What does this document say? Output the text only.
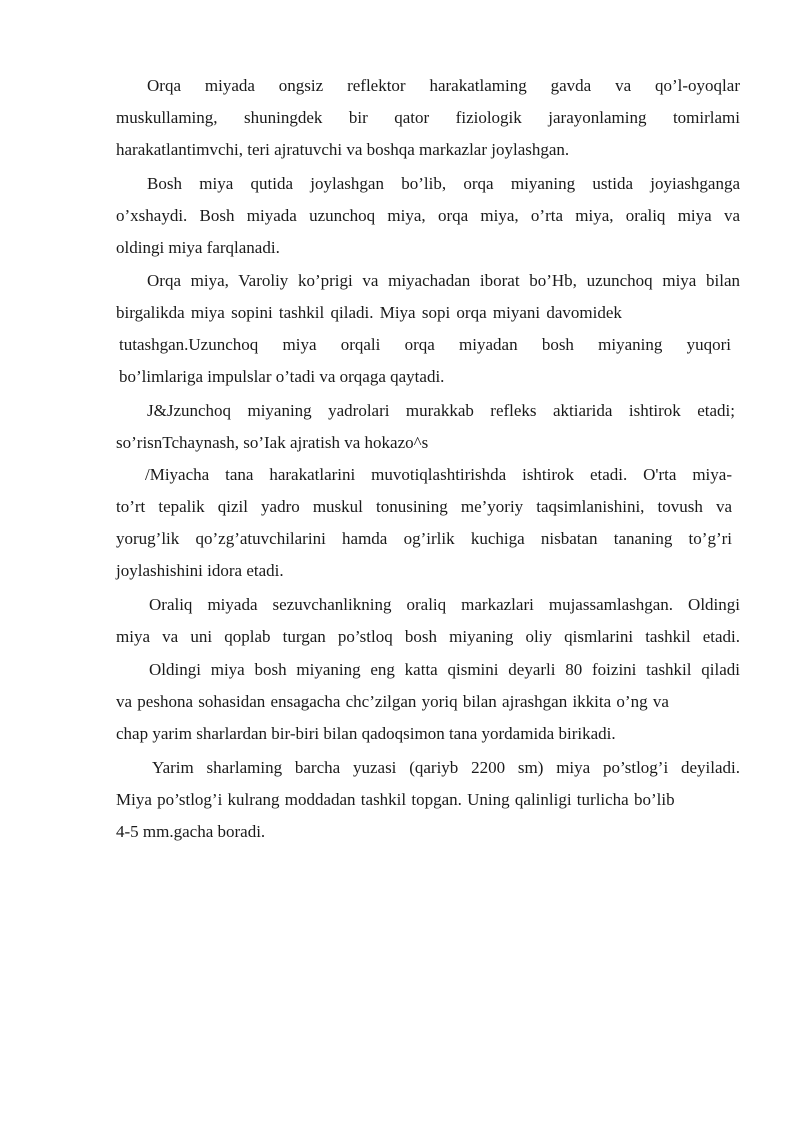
Orqa miyada ongsiz reflektor harakatlaming gavda va qo’l-oyoqlar
muskullaming, shuningdek bir qator fiziologik jarayonlaming tomirlami
harakatlantimvchi, teri ajratuvchi va boshqa markazlar joylashgan.
Bosh miya qutida joylashgan bo’lib, orqa miyaning ustida joyiashganga
o’xshaydi. Bosh miyada uzunchoq miya, orqa miya, o’rta miya, oraliq miya va
oldingi miya farqlanadi.
Orqa miya, Varoliy ko’prigi va miyachadan iborat bo’Hb, uzunchoq miya bilan
birgalikda miya sopini tashkil qiladi. Miya sopi orqa miyani davomidek
tutashgan.Uzunchoq miya orqali orqa miyadan bosh miyaning yuqori
bo’limlariga impulslar o’tadi va orqaga qaytadi.
J&Jzunchoq miyaning yadrolari murakkab refleks aktiarida ishtirok etadi;
so’risnTchaynash, so’Iak ajratish va hokazo^s
/Miyacha tana harakatlarini muvotiqlashtirishda ishtirok etadi. O'rta miya-
to’rt tepalik qizil yadro muskul tonusining me’yoriy taqsimlanishini, tovush va
yorug’lik qo’zg’atuvchilarini hamda og’irlik kuchiga nisbatan tananing to’g’ri
joylashishini idora etadi.
Oraliq miyada sezuvchanlikning oraliq markazlari mujassamlashgan. Oldingi
miya va uni qoplab turgan po’stloq bosh miyaning oliy qismlarini tashkil etadi.
Oldingi miya bosh miyaning eng katta qismini deyarli 80 foizini tashkil qiladi
va peshona sohasidan ensagacha chc’zilgan yoriq bilan ajrashgan ikkita o’ng va
chap yarim sharlardan bir-biri bilan qadoqsimon tana yordamida birikadi.
Yarim sharlaming barcha yuzasi (qariyb 2200 sm) miya po’stlog’i deyiladi.
Miya po’stlog’i kulrang moddadan tashkil topgan. Uning qalinligi turlicha bo’lib
4-5 mm.gacha boradi.
